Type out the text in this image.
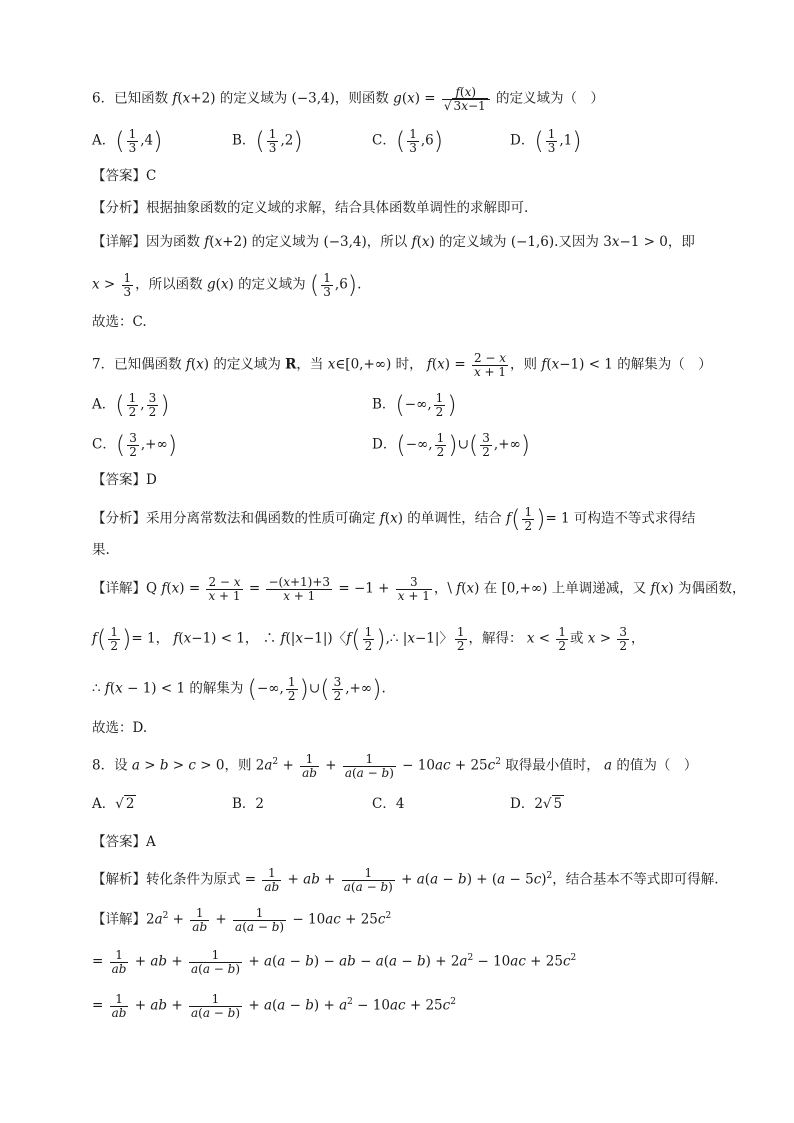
6．已知函数 f(x+2) 的定义域为 (−3,4)，则函数 $g(x) = \frac{f(x)}{√ 3x-1}$ 的定义域为（　）
A．( $\frac{1}{3} ,4$)	B．( $\frac{1}{3} ,2$)	C．( $\frac{1}{3} ,6$)	D．( $\frac{1}{3} ,1$)
【答案】C
【分析】根据抽象函数的定义域的求解，结合具体函数单调性的求解即可.
【详解】因为函数 f(x+2) 的定义域为 (−3,4)，所以 f(x) 的定义域为 (−1,6).又因为 3x−1 > 0，即
$x > \frac{1}{3}$ ，所以函数 g(x) 的定义域为 ( $\frac{1}{3} ,6$).
故选：C.
7．已知偶函数 f(x) 的定义域为 R，当 x∈[0,+∞) 时， $f(x) = \frac{2 - x}{x + 1}$ ，则 f(x−1) < 1 的解集为（　）
A．( $\frac{1}{2}$ , $\frac{3}{2}$ )	B．(−∞, $\frac{1}{2}$ )
C．( $\frac{3}{2}$ ,+∞)	D．(−∞, $\frac{1}{2}$ )∪( $\frac{3}{2}$ ,+∞)
【答案】D
【分析】采用分离常数法和偶函数的性质可确定 f(x) 的单调性，结合 $f( \frac{1}{2}$ )= 1 可构造不等式求得结
果.
【详解】Q $f(x) = \frac{2 - x}{x + 1} = \frac{-(x+1)+3}{x + 1} = -1 + \frac{3}{x + 1}$ ，\ f(x) 在 [0,+∞) 上单调递减，又 f(x) 为偶函数，
$f( \frac{1}{2}$ )= 1， f(x−1) < 1， ∴ f(|x−1|)〈$f( \frac{1}{2}$ ),∴ |x−1|〉 $\frac{1}{2}$ ，解得： $x < \frac{1}{2}$ 或 $x > \frac{3}{2}$ ，
∴ f(x − 1) < 1 的解集为 (−∞, $\frac{1}{2}$ )∪( $\frac{3}{2}$ ,+∞).
故选：D.
8．设 a > b > c > 0，则 $2a^2 + \frac{1}{ab} + \frac{1}{a(a - b)} - 10ac + 25c^2$ 取得最小值时， a 的值为（　）
A．√ 2	B．2	C．4	D．2√ 5
【答案】A
【解析】转化条件为原式 = $\frac{1}{ab}$ + ab + $\frac{1}{a(a - b)} + a(a - b) + (a - 5c)^2$，结合基本不等式即可得解.
【详解】$2a^2 + \frac{1}{ab} + \frac{1}{a(a - b)} - 10ac + 25c^2$
= $\frac{1}{ab}$ + ab + $\frac{1}{a(a - b)} + a(a - b)$ − ab − $a(a - b) + 2a^2 - 10ac + 25c^2$
= $\frac{1}{ab}$ + ab + $\frac{1}{a(a - b)} + a(a - b) + a^2 - 10ac + 25c^2$
